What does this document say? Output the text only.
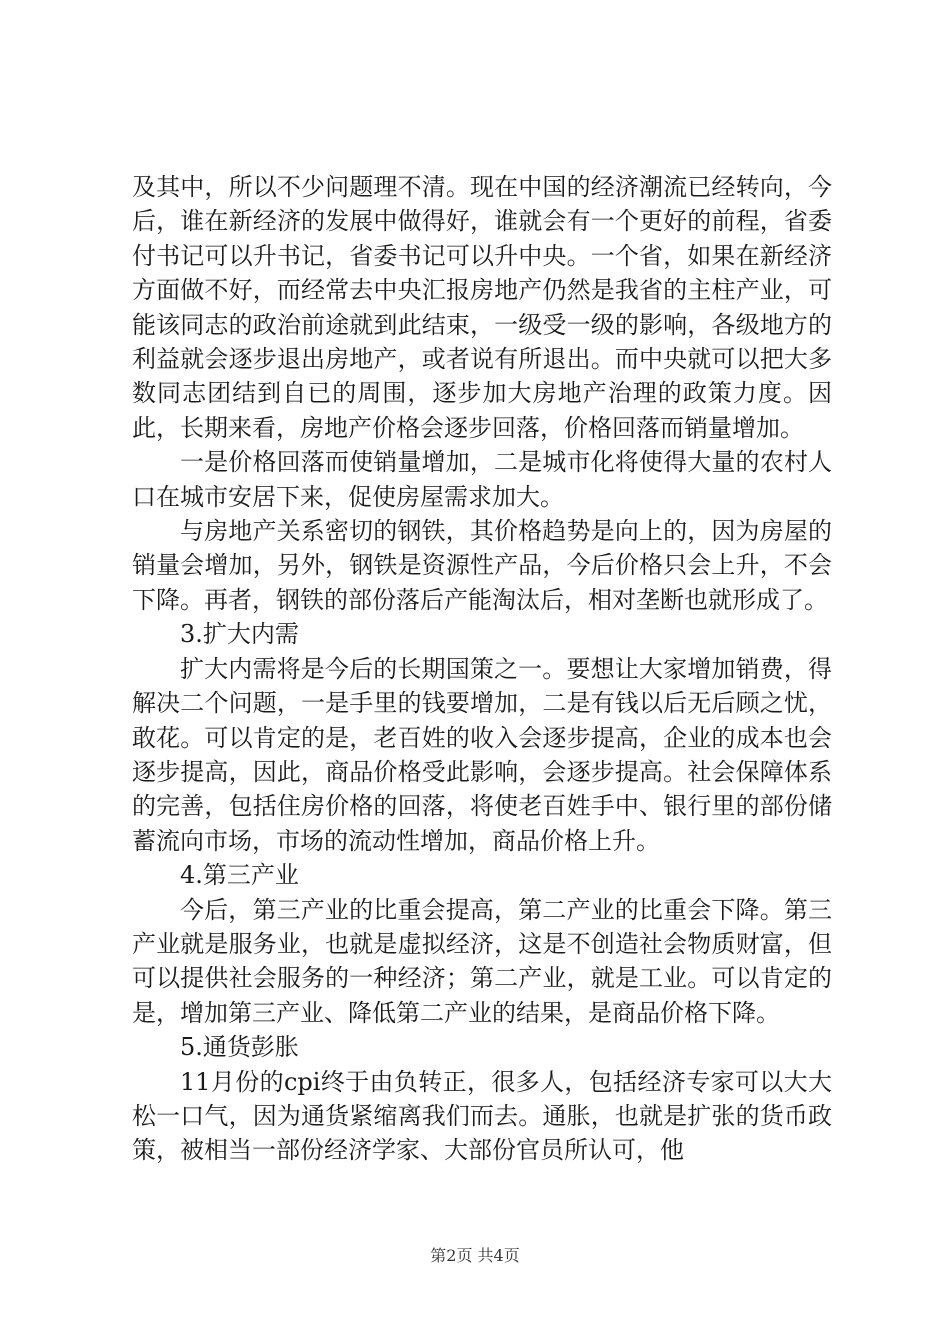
及其中，所以不少问题理不清。现在中国的经济潮流已经转向，今后，谁在新经济的发展中做得好，谁就会有一个更好的前程，省委付书记可以升书记，省委书记可以升中央。一个省，如果在新经济方面做不好，而经常去中央汇报房地产仍然是我省的主柱产业，可能该同志的政治前途就到此结束，一级受一级的影响，各级地方的利益就会逐步退出房地产，或者说有所退出。而中央就可以把大多数同志团结到自已的周围，逐步加大房地产治理的政策力度。因此，长期来看，房地产价格会逐步回落，价格回落而销量增加。

一是价格回落而使销量增加，二是城市化将使得大量的农村人口在城市安居下来，促使房屋需求加大。

与房地产关系密切的钢铁，其价格趋势是向上的，因为房屋的销量会增加，另外，钢铁是资源性产品，今后价格只会上升，不会下降。再者，钢铁的部份落后产能淘汰后，相对垄断也就形成了。

3.扩大内需

扩大内需将是今后的长期国策之一。要想让大家增加销费，得解决二个问题，一是手里的钱要增加，二是有钱以后无后顾之忧，敢花。可以肯定的是，老百姓的收入会逐步提高，企业的成本也会逐步提高，因此，商品价格受此影响，会逐步提高。社会保障体系的完善，包括住房价格的回落，将使老百姓手中、银行里的部份储蓄流向市场，市场的流动性增加，商品价格上升。

4.第三产业

今后，第三产业的比重会提高，第二产业的比重会下降。第三产业就是服务业，也就是虚拟经济，这是不创造社会物质财富，但可以提供社会服务的一种经济；第二产业，就是工业。可以肯定的是，增加第三产业、降低第二产业的结果，是商品价格下降。

5.通货彭胀

11月份的cpi终于由负转正，很多人，包括经济专家可以大大松一口气，因为通货紧缩离我们而去。通胀，也就是扩张的货币政策，被相当一部份经济学家、大部份官员所认可，他

第2页 共4页
